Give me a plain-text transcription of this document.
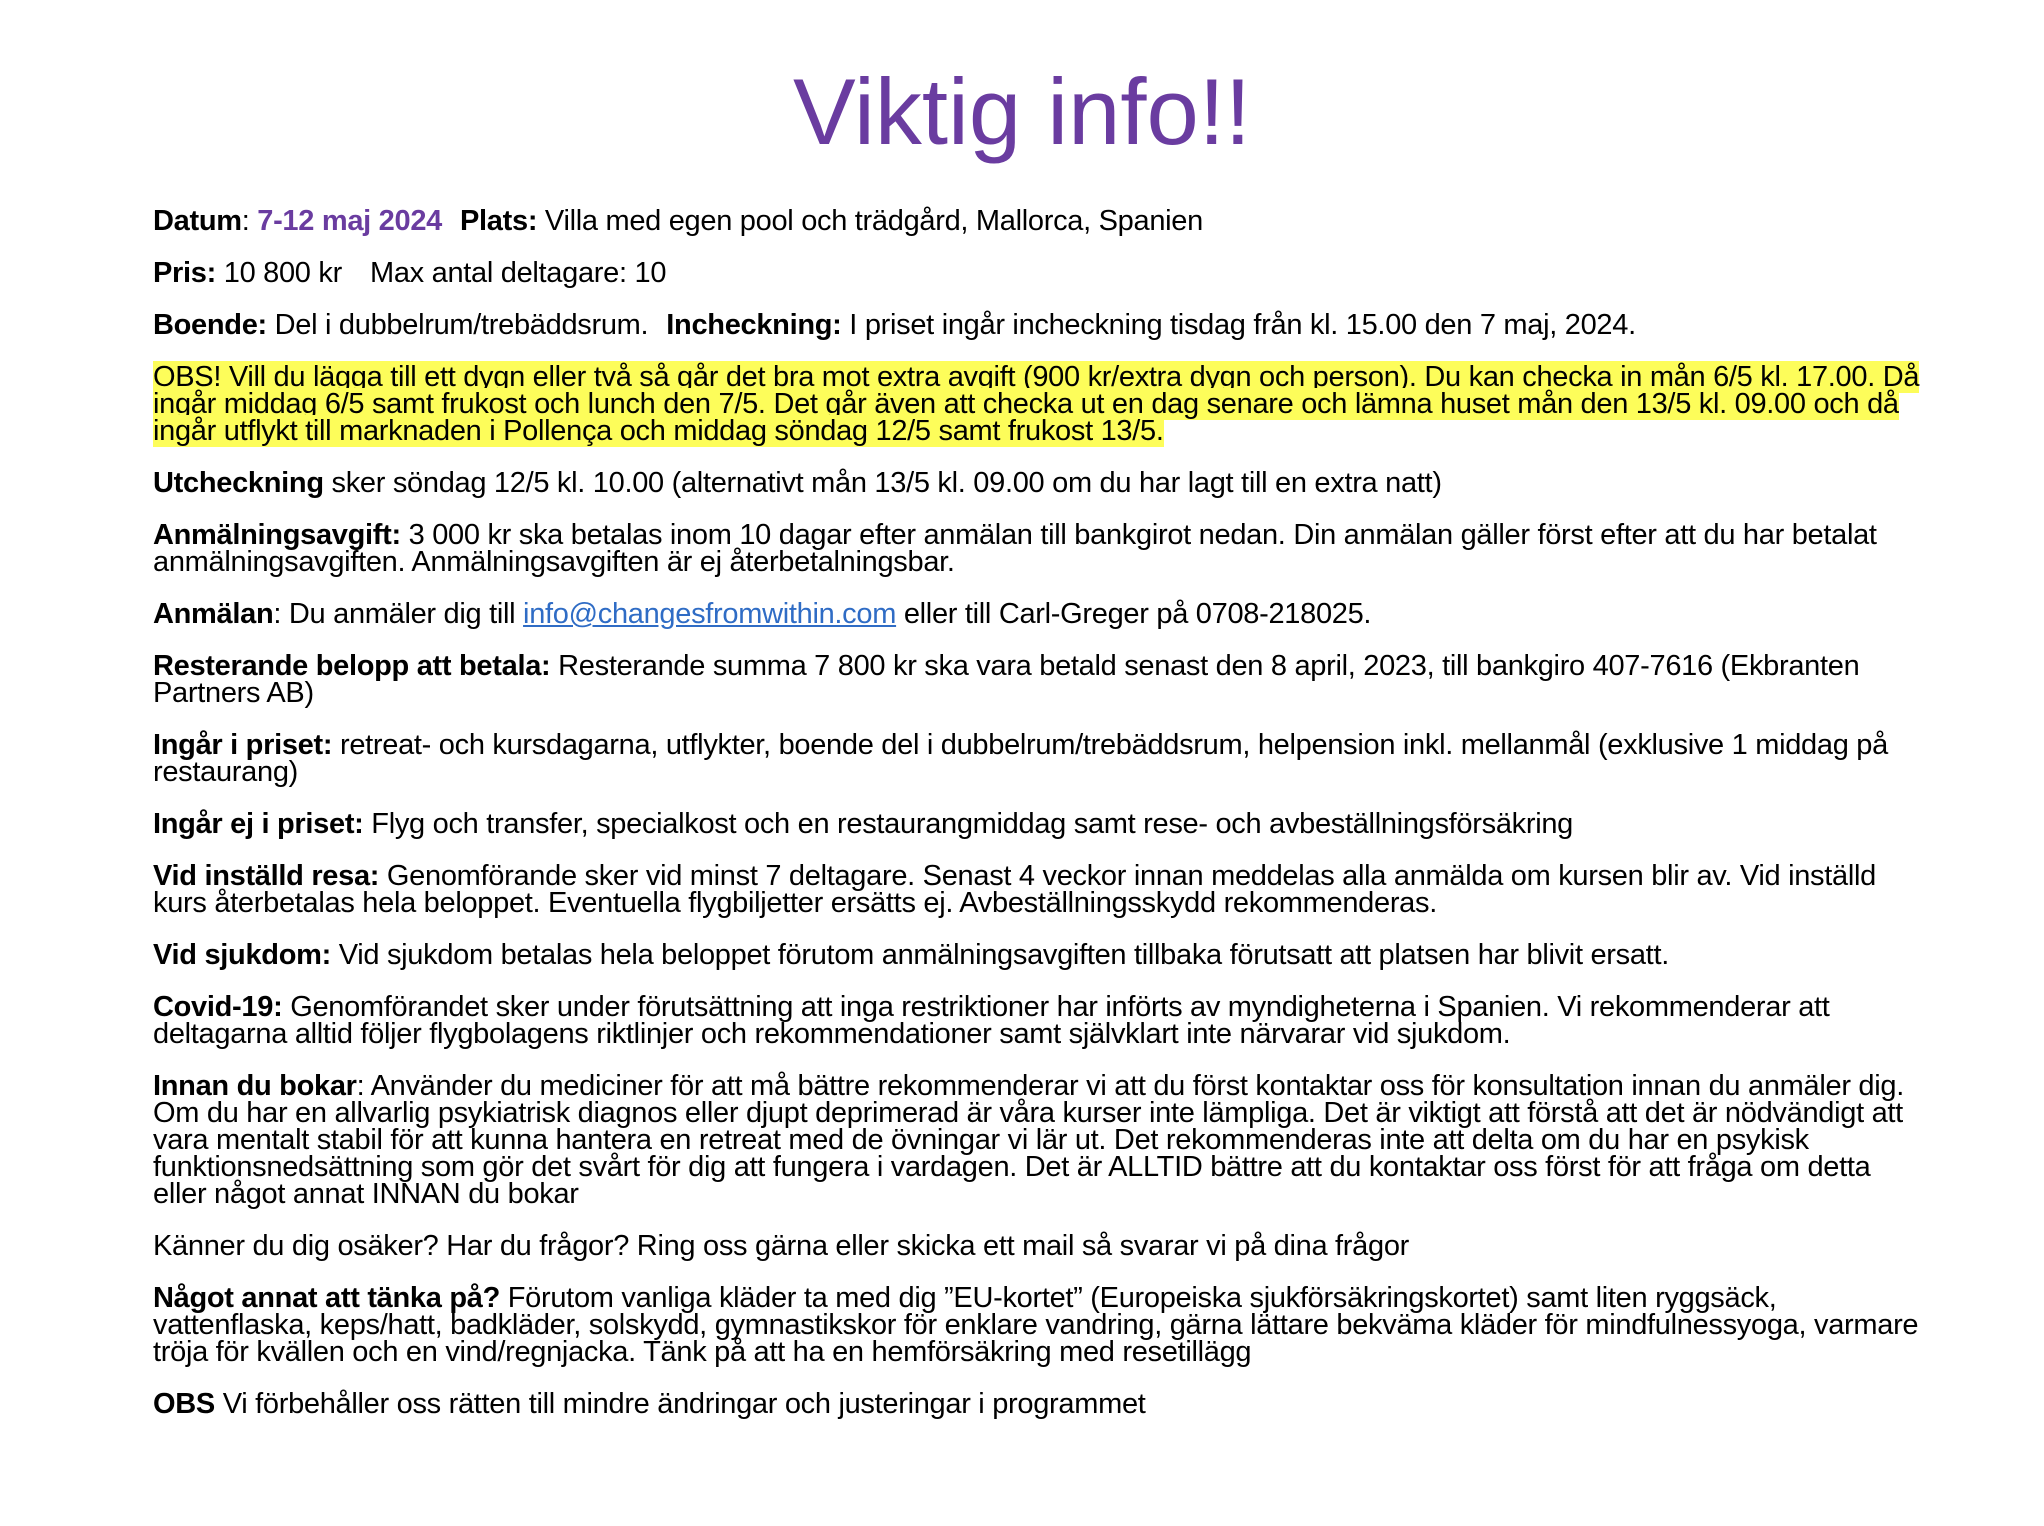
Viktig info!!

Datum: 7-12 maj 2024 Plats: Villa med egen pool och trädgård, Mallorca, Spanien

Pris: 10 800 kr Max antal deltagare: 10

Boende: Del i dubbelrum/trebäddsrum. Incheckning: I priset ingår incheckning tisdag från kl. 15.00 den 7 maj, 2024.

OBS! Vill du lägga till ett dygn eller två så går det bra mot extra avgift (900 kr/extra dygn och person). Du kan checka in mån 6/5 kl. 17.00. Då ingår middag 6/5 samt frukost och lunch den 7/5. Det går även att checka ut en dag senare och lämna huset mån den 13/5 kl. 09.00 och då ingår utflykt till marknaden i Pollença och middag söndag 12/5 samt frukost 13/5.

Utcheckning sker söndag 12/5 kl. 10.00 (alternativt mån 13/5 kl. 09.00 om du har lagt till en extra natt)

Anmälningsavgift: 3 000 kr ska betalas inom 10 dagar efter anmälan till bankgirot nedan. Din anmälan gäller först efter att du har betalat anmälningsavgiften. Anmälningsavgiften är ej återbetalningsbar.

Anmälan: Du anmäler dig till info@changesfromwithin.com eller till Carl-Greger på 0708-218025.

Resterande belopp att betala: Resterande summa 7 800 kr ska vara betald senast den 8 april, 2023, till bankgiro 407-7616 (Ekbranten Partners AB)

Ingår i priset: retreat- och kursdagarna, utflykter, boende del i dubbelrum/trebäddsrum, helpension inkl. mellanmål (exklusive 1 middag på restaurang)

Ingår ej i priset: Flyg och transfer, specialkost och en restaurangmiddag samt rese- och avbeställningsförsäkring

Vid inställd resa: Genomförande sker vid minst 7 deltagare. Senast 4 veckor innan meddelas alla anmälda om kursen blir av. Vid inställd kurs återbetalas hela beloppet. Eventuella flygbiljetter ersätts ej. Avbeställningsskydd rekommenderas.

Vid sjukdom: Vid sjukdom betalas hela beloppet förutom anmälningsavgiften tillbaka förutsatt att platsen har blivit ersatt.

Covid-19: Genomförandet sker under förutsättning att inga restriktioner har införts av myndigheterna i Spanien. Vi rekommenderar att deltagarna alltid följer flygbolagens riktlinjer och rekommendationer samt självklart inte närvarar vid sjukdom.

Innan du bokar: Använder du mediciner för att må bättre rekommenderar vi att du först kontaktar oss för konsultation innan du anmäler dig. Om du har en allvarlig psykiatrisk diagnos eller djupt deprimerad är våra kurser inte lämpliga. Det är viktigt att förstå att det är nödvändigt att vara mentalt stabil för att kunna hantera en retreat med de övningar vi lär ut. Det rekommenderas inte att delta om du har en psykisk funktionsnedsättning som gör det svårt för dig att fungera i vardagen. Det är ALLTID bättre att du kontaktar oss först för att fråga om detta eller något annat INNAN du bokar

Känner du dig osäker? Har du frågor? Ring oss gärna eller skicka ett mail så svarar vi på dina frågor

Något annat att tänka på? Förutom vanliga kläder ta med dig ”EU-kortet” (Europeiska sjukförsäkringskortet) samt liten ryggsäck, vattenflaska, keps/hatt, badkläder, solskydd, gymnastikskor för enklare vandring, gärna lättare bekväma kläder för mindfulnessyoga, varmare tröja för kvällen och en vind/regnjacka. Tänk på att ha en hemförsäkring med resetillägg

OBS Vi förbehåller oss rätten till mindre ändringar och justeringar i programmet
